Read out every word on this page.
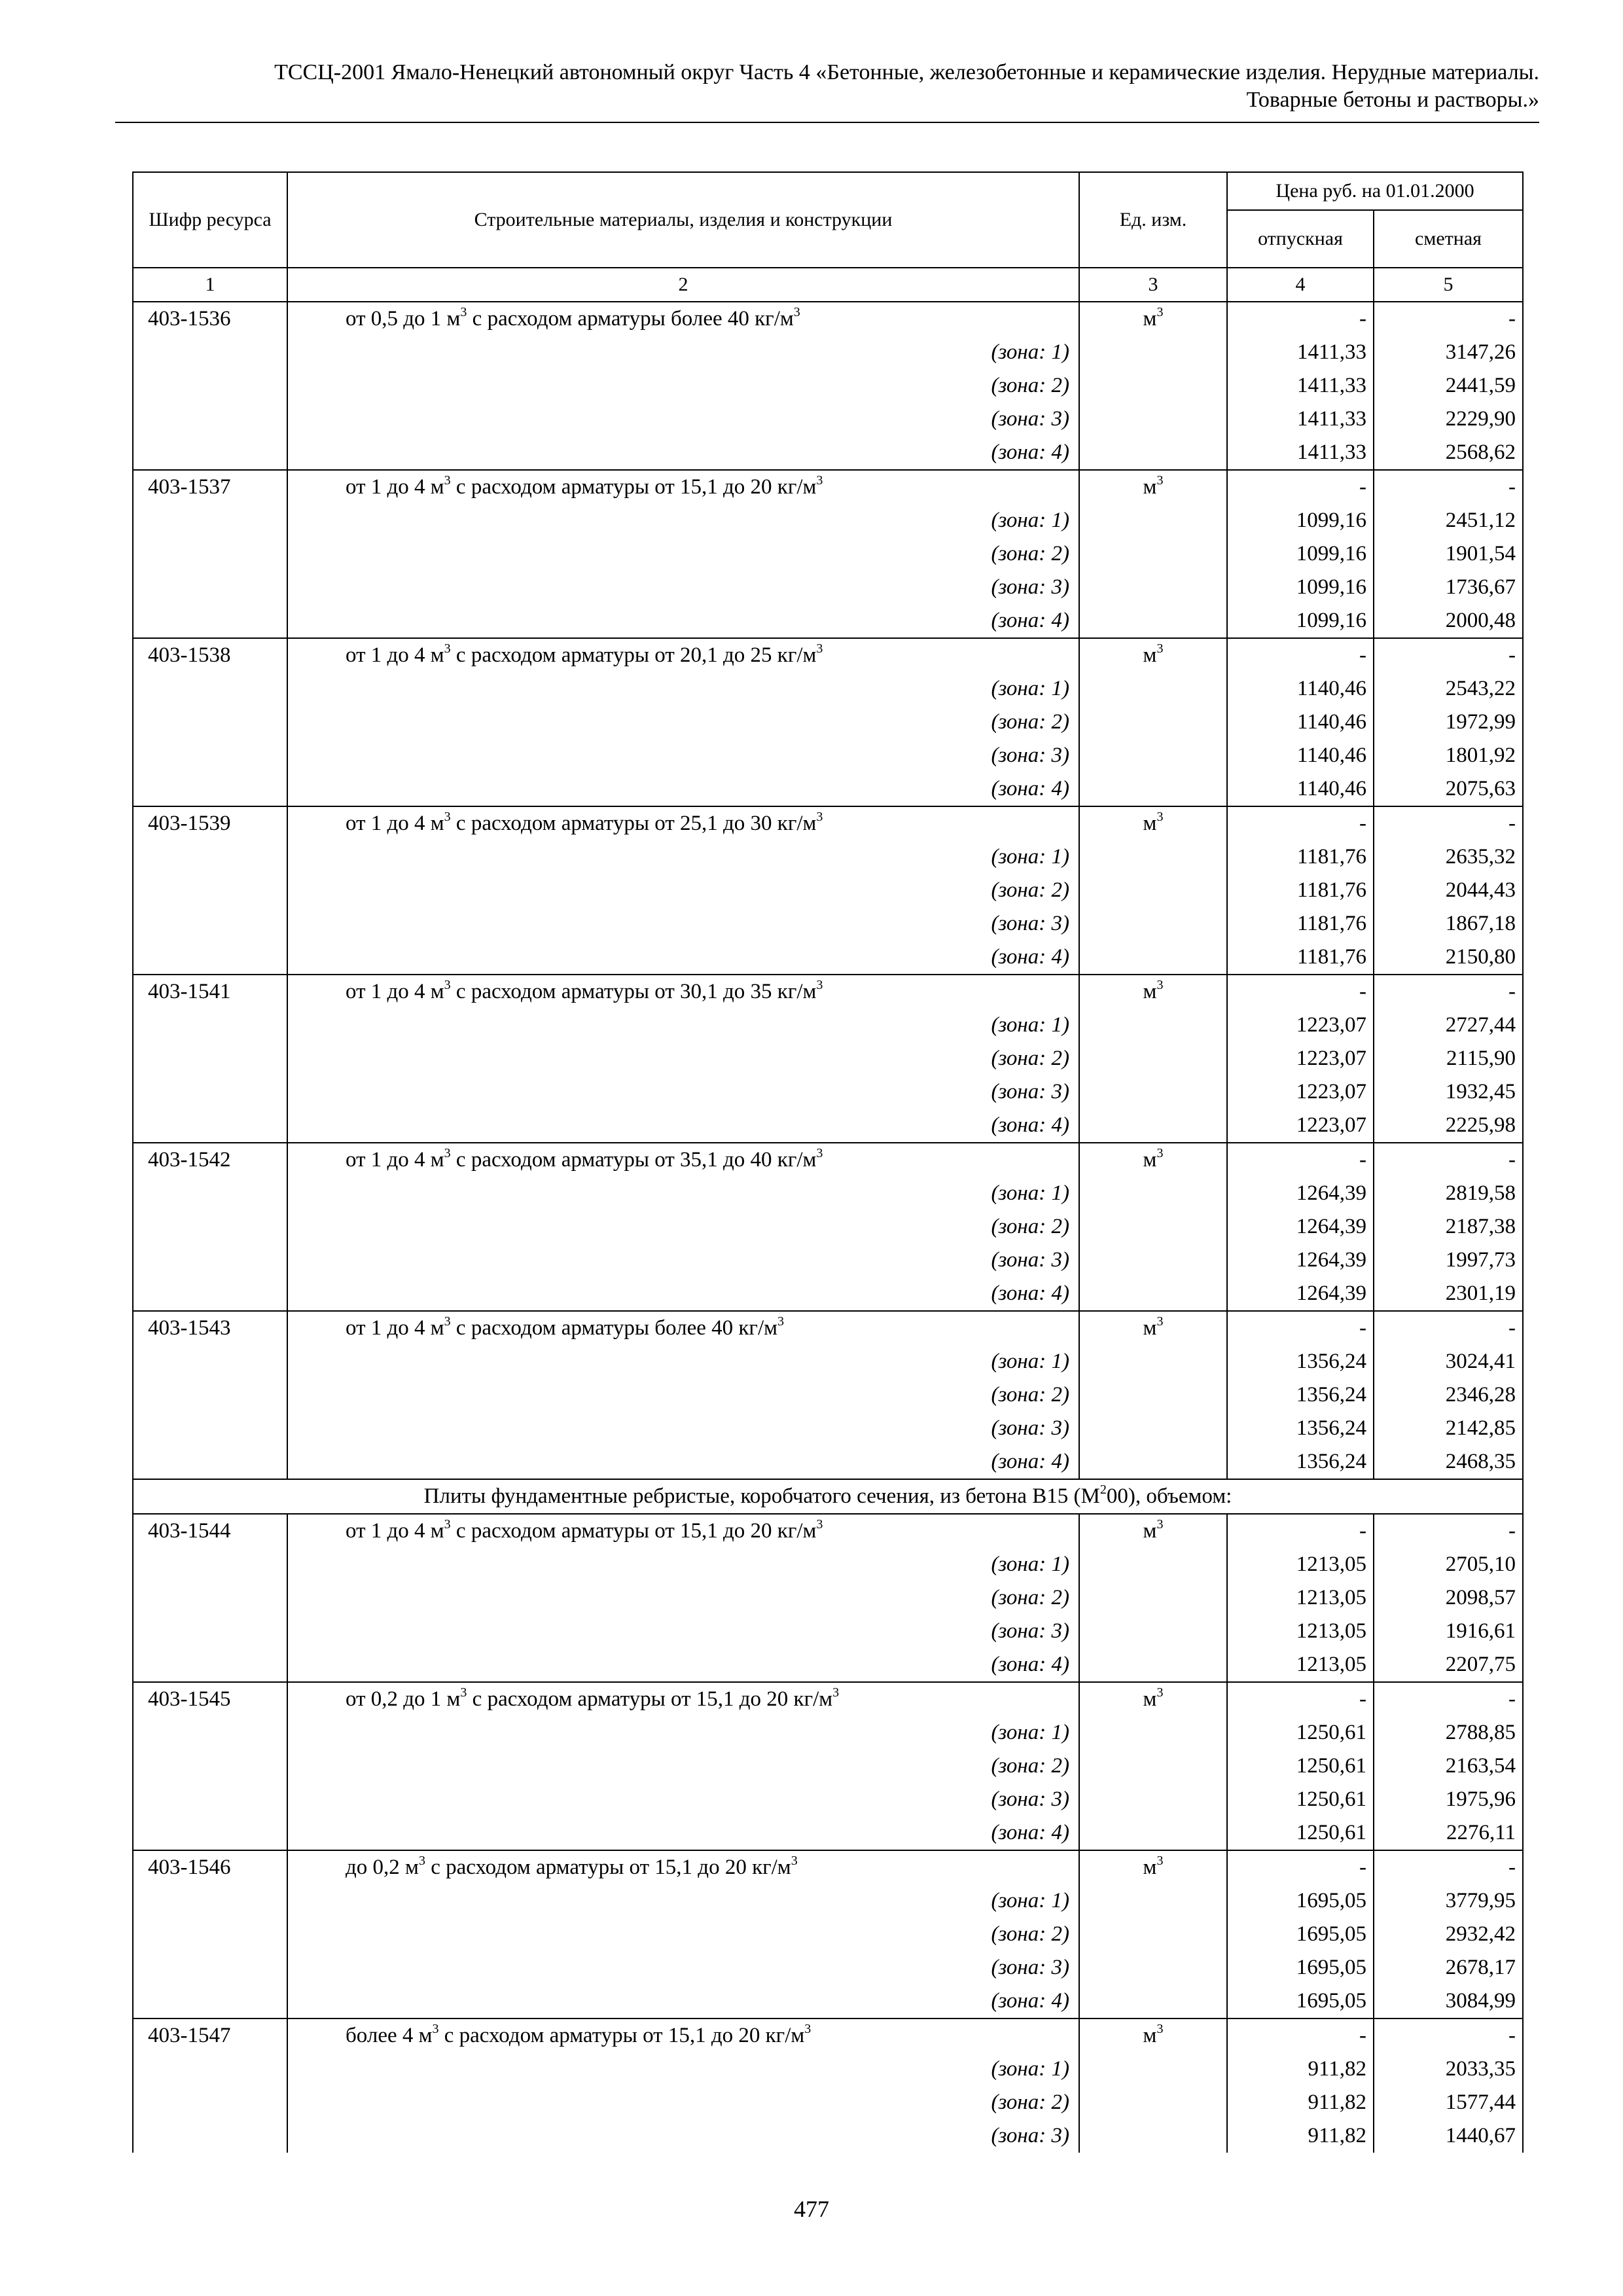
ТССЦ-2001 Ямало-Ненецкий автономный округ Часть 4 «Бетонные, железобетонные и керамические изделия. Нерудные материалы.
Товарные бетоны и растворы.»
Шифр ресурса	Строительные материалы, изделия и конструкции	Ед. изм.	Цена руб. на 01.01.2000	
			отпускная	сметная
1	2	3	4	5
403-1536	от 0,5 до 1 $м^3$ с расходом арматуры более 40 $кг/м^3$	$м^3$	-	-
	(зона: 1)		1411,33	3147,26
	(зона: 2)		1411,33	2441,59
	(зона: 3)		1411,33	2229,90
	(зона: 4)		1411,33	2568,62
403-1537	от 1 до 4 $м^3$ с расходом арматуры от 15,1 до 20 $кг/м^3$	$м^3$	-	-
	(зона: 1)		1099,16	2451,12
	(зона: 2)		1099,16	1901,54
	(зона: 3)		1099,16	1736,67
	(зона: 4)		1099,16	2000,48
403-1538	от 1 до 4 $м^3$ с расходом арматуры от 20,1 до 25 $кг/м^3$	$м^3$	-	-
	(зона: 1)		1140,46	2543,22
	(зона: 2)		1140,46	1972,99
	(зона: 3)		1140,46	1801,92
	(зона: 4)		1140,46	2075,63
403-1539	от 1 до 4 $м^3$ с расходом арматуры от 25,1 до 30 $кг/м^3$	$м^3$	-	-
	(зона: 1)		1181,76	2635,32
	(зона: 2)		1181,76	2044,43
	(зона: 3)		1181,76	1867,18
	(зона: 4)		1181,76	2150,80
403-1541	от 1 до 4 $м^3$ с расходом арматуры от 30,1 до 35 $кг/м^3$	$м^3$	-	-
	(зона: 1)		1223,07	2727,44
	(зона: 2)		1223,07	2115,90
	(зона: 3)		1223,07	1932,45
	(зона: 4)		1223,07	2225,98
403-1542	от 1 до 4 $м^3$ с расходом арматуры от 35,1 до 40 $кг/м^3$	$м^3$	-	-
	(зона: 1)		1264,39	2819,58
	(зона: 2)		1264,39	2187,38
	(зона: 3)		1264,39	1997,73
	(зона: 4)		1264,39	2301,19
403-1543	от 1 до 4 $м^3$ с расходом арматуры более 40 $кг/м^3$	$м^3$	-	-
	(зона: 1)		1356,24	3024,41
	(зона: 2)		1356,24	2346,28
	(зона: 3)		1356,24	2142,85
	(зона: 4)		1356,24	2468,35
Плиты фундаментные ребристые, коробчатого сечения, из бетона В15 $(М^200)$, объемом:				
403-1544	от 1 до 4 $м^3$ с расходом арматуры от 15,1 до 20 $кг/м^3$	$м^3$	-	-
	(зона: 1)		1213,05	2705,10
	(зона: 2)		1213,05	2098,57
	(зона: 3)		1213,05	1916,61
	(зона: 4)		1213,05	2207,75
403-1545	от 0,2 до 1 $м^3$ с расходом арматуры от 15,1 до 20 $кг/м^3$	$м^3$	-	-
	(зона: 1)		1250,61	2788,85
	(зона: 2)		1250,61	2163,54
	(зона: 3)		1250,61	1975,96
	(зона: 4)		1250,61	2276,11
403-1546	до 0,2 $м^3$ с расходом арматуры от 15,1 до 20 $кг/м^3$	$м^3$	-	-
	(зона: 1)		1695,05	3779,95
	(зона: 2)		1695,05	2932,42
	(зона: 3)		1695,05	2678,17
	(зона: 4)		1695,05	3084,99
403-1547	более 4 $м^3$ с расходом арматуры от 15,1 до 20 $кг/м^3$	$м^3$	-	-
	(зона: 1)		911,82	2033,35
	(зона: 2)		911,82	1577,44
	(зона: 3)		911,82	1440,67
477
